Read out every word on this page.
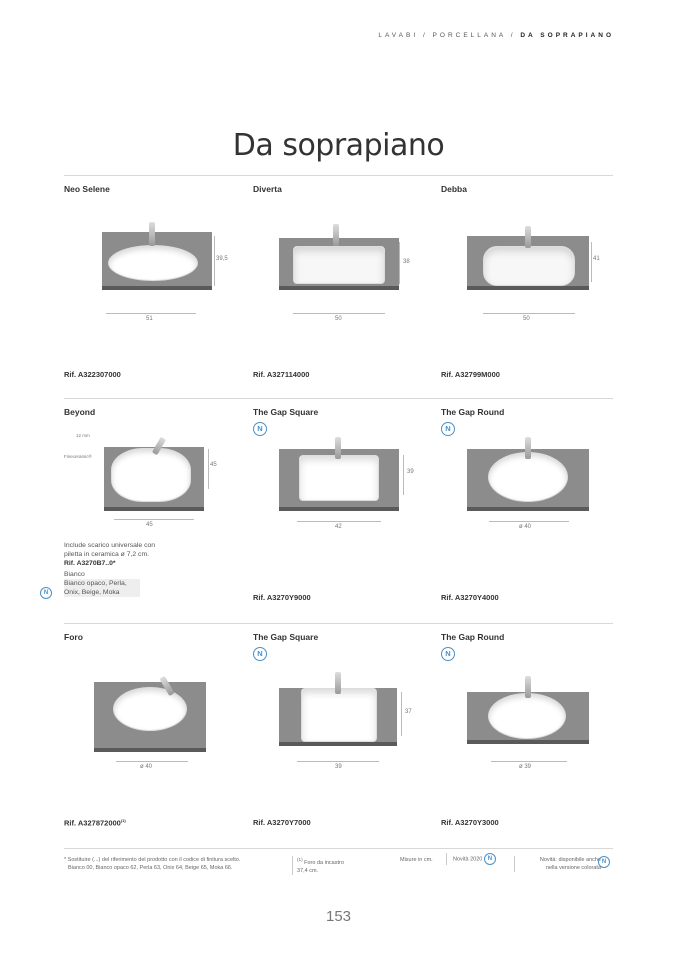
LAVABI / PORCELLANA / DA SOPRAPIANO
Da soprapiano
Neo Selene
39,5
51
Rif. A322307000
Diverta
38
50
Rif. A327114000
Debba
41
50
Rif. A32799M000
Beyond
12 mm
Fineceramic®
45
45
Include scarico universale con
piletta in ceramica ø 7,2 cm.
Rif. A3270B7..0*
Bianco
Bianco opaco, Perla,
Onix, Beige, Moka
N
The Gap Square
N
39
42
Rif. A3270Y9000
The Gap Round
N
ø 40
Rif. A3270Y4000
Foro
ø 40
Rif. A327872000$^{(1)}$
The Gap Square
N
37
39
Rif. A3270Y7000
The Gap Round
N
ø 39
Rif. A3270Y3000
* Sostituire (...) del riferimento del prodotto con il codice di finitura scelto.
Bianco 00, Bianco opaco 62, Perla 63, Onix 64, Beige 65, Moka 66.
$^{(1)}$ Foro da incastro
37,4 cm.
Misure in cm.	Novità 2020 N	Novità: disponibile anche
nella versione colorata
N
153
